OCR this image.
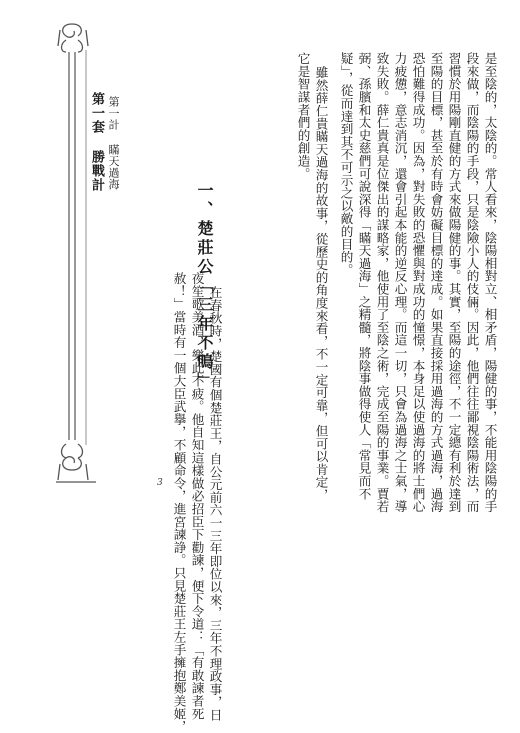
第一套 勝戰計 第一計 瞞天過海	是至陰的，太陰的。常人看來，陰陽相對立、相矛盾，陽健的事，不能用陰陽的手
段來做，而陰陽的手段，只是陰險小人的伎倆。因此，他們往往鄙視陰陽術法，而
習慣於用陽剛直健的方式來做陽健的事。其實，至陽的途徑，不一定總有利於達到
至陽的目標，甚至於有時會妨礙目標的達成。如果直接採用過海的方式過海，過海
恐怕難得成功。因為，對失敗的恐懼與對成功的憧憬，本身足以使過海的將士們心
力疲憊，意志消沉，還會引起本能的逆反心理。而這一切，只會為過海之士氣，導
致失敗。薛仁貴真是位傑出的謀略家，他使用了至陰之術，完成至陽的事業。賈若
弼、孫臏和太史慈們可說深得「瞞天過海」之精髓，將陰事做得使人「常見而不
疑」，從而達到其不可示之以敵的目的。
雖然薛仁貴瞞天過海的故事，從歷史的角度來看，不一定可靠，但可以肯定，
它是智謀者們的創造。
一、楚莊公「三年不鳴」
在春秋時，楚國有個楚莊王，自公元前六一三年即位以來，三年不理政事，日
夜笙歌美酒，樂此不疲。他自知這樣做必招臣下勸諫，便下令道：「有敢諫者死
赦！」當時有一個大臣武擧，不顧命令，進宮諫諍。只見楚莊王左手擁抱鄭美姬，
3
